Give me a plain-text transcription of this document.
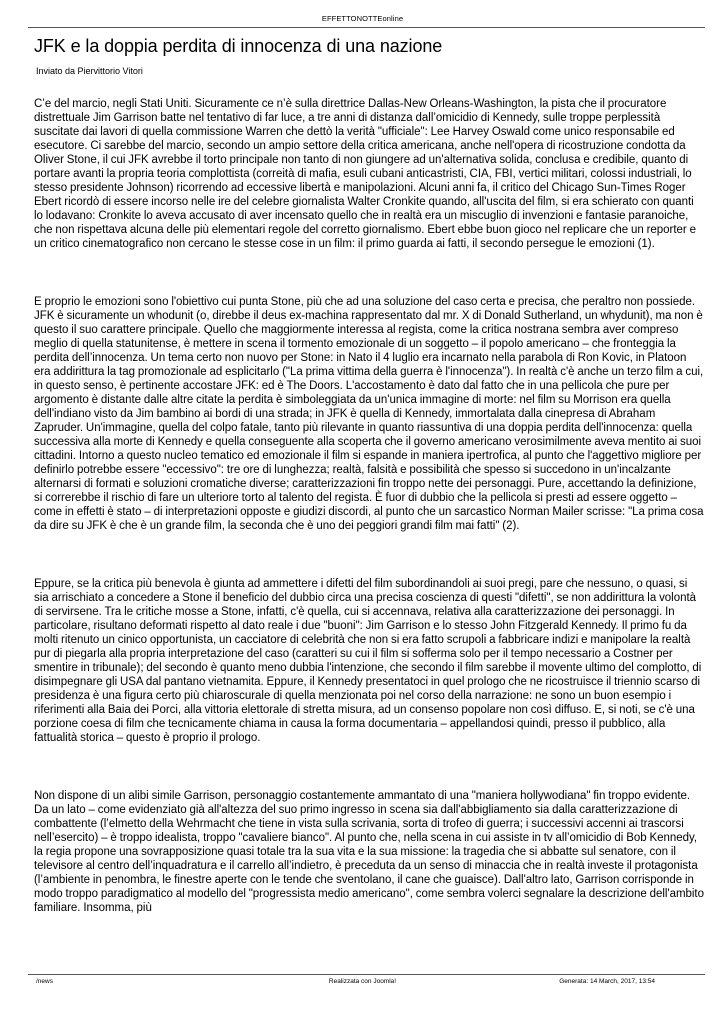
EFFETTONOTTEonline
JFK e la doppia perdita di innocenza di una nazione
Inviato da Piervittorio Vitori

C’e del marcio, negli Stati Uniti. Sicuramente ce n’è sulla direttrice Dallas-New Orleans-Washington, la pista che il procuratore distrettuale Jim Garrison batte nel tentativo di far luce, a tre anni di distanza dall’omicidio di Kennedy, sulle troppe perplessità suscitate dai lavori di quella commissione Warren che dettò la verità "ufficiale": Lee Harvey Oswald come unico responsabile ed esecutore. Ci sarebbe del marcio, secondo un ampio settore della critica americana, anche nell'opera di ricostruzione condotta da Oliver Stone, il cui JFK avrebbe il torto principale non tanto di non giungere ad un'alternativa solida, conclusa e credibile, quanto di portare avanti la propria teoria complottista (correità di mafia, esuli cubani anticastristi, CIA, FBI, vertici militari, colossi industriali, lo stesso presidente Johnson) ricorrendo ad eccessive libertà e manipolazioni. Alcuni anni fa, il critico del Chicago Sun-Times Roger Ebert ricordò di essere incorso nelle ire del celebre giornalista Walter Cronkite quando, all'uscita del film, si era schierato con quanti lo lodavano: Cronkite lo aveva accusato di aver incensato quello che in realtà era un miscuglio di invenzioni e fantasie paranoiche, che non rispettava alcuna delle più elementari regole del corretto giornalismo. Ebert ebbe buon gioco nel replicare che un reporter e un critico cinematografico non cercano le stesse cose in un film: il primo guarda ai fatti, il secondo persegue le emozioni (1).

E proprio le emozioni sono l'obiettivo cui punta Stone, più che ad una soluzione del caso certa e precisa, che peraltro non possiede. JFK è sicuramente un whodunit (o, direbbe il deus ex-machina rappresentato dal mr. X di Donald Sutherland, un whydunit), ma non è questo il suo carattere principale. Quello che maggiormente interessa al regista, come la critica nostrana sembra aver compreso meglio di quella statunitense, è mettere in scena il tormento emozionale di un soggetto – il popolo americano – che fronteggia la perdita dell’innocenza. Un tema certo non nuovo per Stone: in Nato il 4 luglio era incarnato nella parabola di Ron Kovic, in Platoon era addirittura la tag promozionale ad esplicitarlo ("La prima vittima della guerra è l'innocenza"). In realtà c'è anche un terzo film a cui, in questo senso, è pertinente accostare JFK: ed è The Doors. L'accostamento è dato dal fatto che in una pellicola che pure per argomento è distante dalle altre citate la perdita è simboleggiata da un'unica immagine di morte: nel film su Morrison era quella dell'indiano visto da Jim bambino ai bordi di una strada; in JFK è quella di Kennedy, immortalata dalla cinepresa di Abraham Zapruder. Un'immagine, quella del colpo fatale, tanto più rilevante in quanto riassuntiva di una doppia perdita dell'innocenza: quella successiva alla morte di Kennedy e quella conseguente alla scoperta che il governo americano verosimilmente aveva mentito ai suoi cittadini. Intorno a questo nucleo tematico ed emozionale il film si espande in maniera ipertrofica, al punto che l'aggettivo migliore per definirlo potrebbe essere "eccessivo": tre ore di lunghezza; realtà, falsità e possibilità che spesso si succedono in un'incalzante alternarsi di formati e soluzioni cromatiche diverse; caratterizzazioni fin troppo nette dei personaggi. Pure, accettando la definizione, si correrebbe il rischio di fare un ulteriore torto al talento del regista. È fuor di dubbio che la pellicola si presti ad essere oggetto – come in effetti è stato – di interpretazioni opposte e giudizi discordi, al punto che un sarcastico Norman Mailer scrisse: "La prima cosa da dire su JFK è che è un grande film, la seconda che è uno dei peggiori grandi film mai fatti" (2).

Eppure, se la critica più benevola è giunta ad ammettere i difetti del film subordinandoli ai suoi pregi, pare che nessuno, o quasi, si sia arrischiato a concedere a Stone il beneficio del dubbio circa una precisa coscienza di questi "difetti", se non addirittura la volontà di servirsene. Tra le critiche mosse a Stone, infatti, c'è quella, cui si accennava, relativa alla caratterizzazione dei personaggi. In particolare, risultano deformati rispetto al dato reale i due "buoni": Jim Garrison e lo stesso John Fitzgerald Kennedy. Il primo fu da molti ritenuto un cinico opportunista, un cacciatore di celebrità che non si era fatto scrupoli a fabbricare indizi e manipolare la realtà pur di piegarla alla propria interpretazione del caso (caratteri su cui il film si sofferma solo per il tempo necessario a Costner per smentire in tribunale); del secondo è quanto meno dubbia l'intenzione, che secondo il film sarebbe il movente ultimo del complotto, di disimpegnare gli USA dal pantano vietnamita. Eppure, il Kennedy presentatoci in quel prologo che ne ricostruisce il triennio scarso di presidenza è una figura certo più chiaroscurale di quella menzionata poi nel corso della narrazione: ne sono un buon esempio i riferimenti alla Baia dei Porci, alla vittoria elettorale di stretta misura, ad un consenso popolare non così diffuso. E, si noti, se c'è una porzione coesa di film che tecnicamente chiama in causa la forma documentaria – appellandosi quindi, presso il pubblico, alla fattualità storica – questo è proprio il prologo.

Non dispone di un alibi simile Garrison, personaggio costantemente ammantato di una "maniera hollywodiana" fin troppo evidente. Da un lato – come evidenziato già all'altezza del suo primo ingresso in scena sia dall'abbigliamento sia dalla caratterizzazione di combattente (l’elmetto della Wehrmacht che tiene in vista sulla scrivania, sorta di trofeo di guerra; i successivi accenni ai trascorsi nell’esercito) – è troppo idealista, troppo "cavaliere bianco". Al punto che, nella scena in cui assiste in tv all’omicidio di Bob Kennedy, la regia propone una sovrapposizione quasi totale tra la sua vita e la sua missione: la tragedia che si abbatte sul senatore, con il televisore al centro dell’inquadratura e il carrello all’indietro, è preceduta da un senso di minaccia che in realtà investe il protagonista (l’ambiente in penombra, le finestre aperte con le tende che sventolano, il cane che guaisce). Dall'altro lato, Garrison corrisponde in modo troppo paradigmatico al modello del "progressista medio americano", come sembra volerci segnalare la descrizione dell'ambito familiare. Insomma, più

/news	Realizzata con Joomla!	Generata: 14 March, 2017, 13:54
